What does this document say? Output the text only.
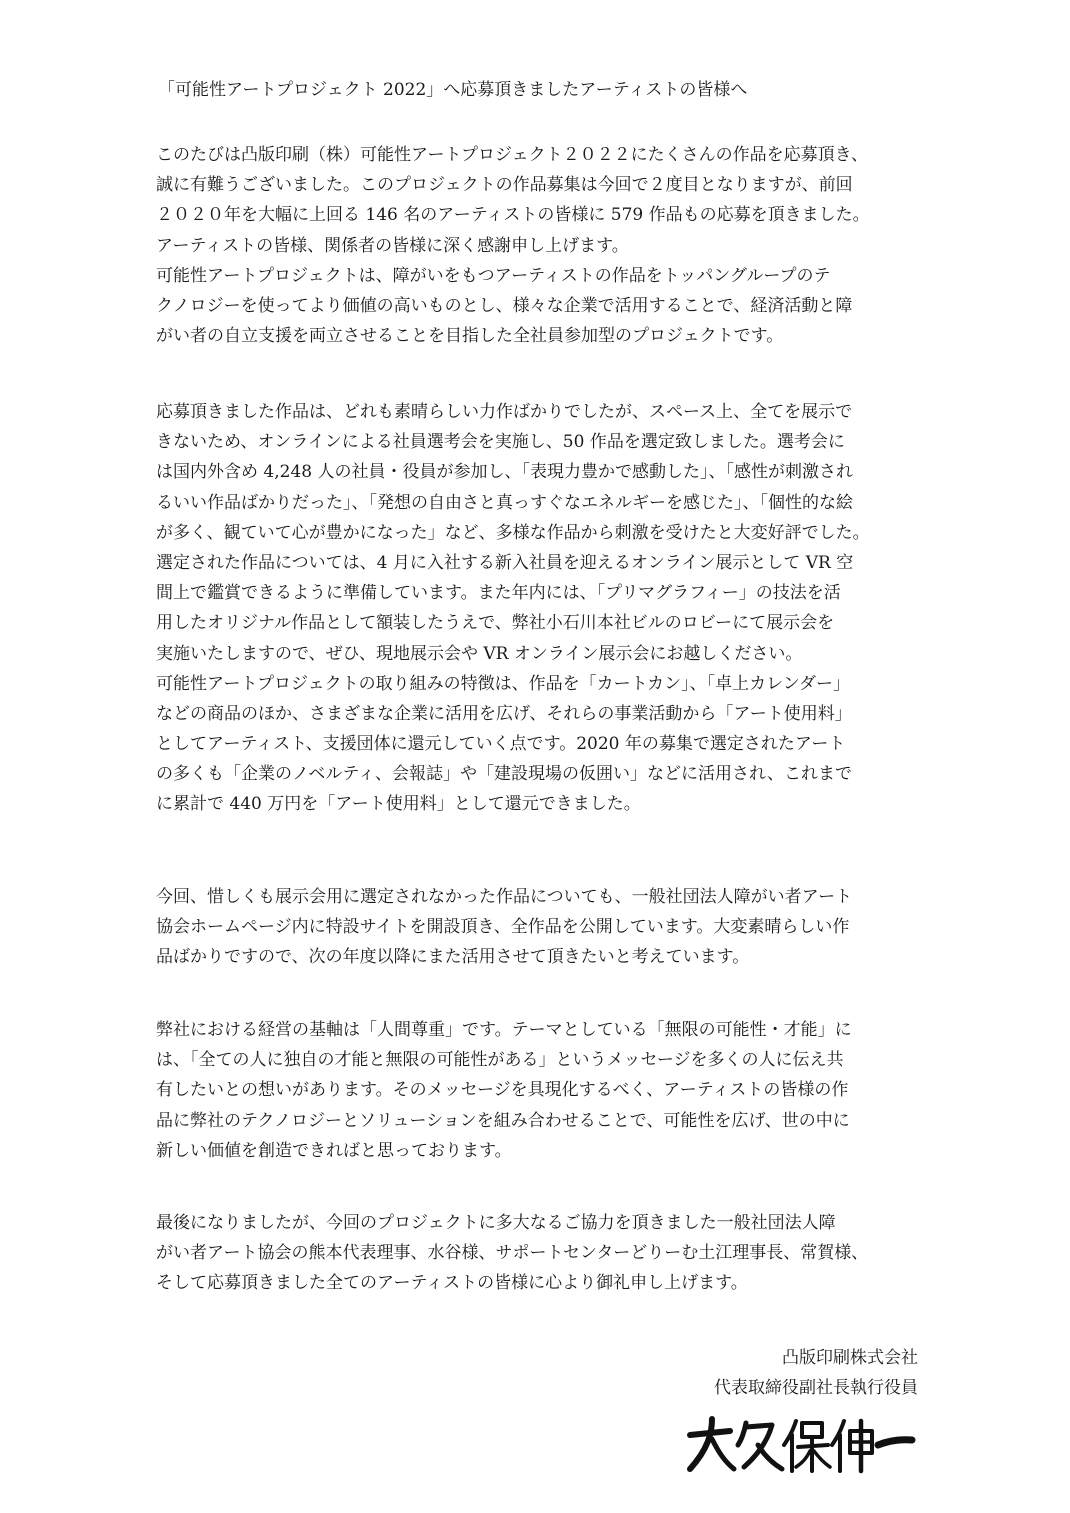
「可能性アートプロジェクト 2022」へ応募頂きましたアーティストの皆様へ
このたびは凸版印刷（株）可能性アートプロジェクト２０２２にたくさんの作品を応募頂き、
誠に有難うございました。このプロジェクトの作品募集は今回で２度目となりますが、前回
２０２０年を大幅に上回る 146 名のアーティストの皆様に 579 作品もの応募を頂きました。
アーティストの皆様、関係者の皆様に深く感謝申し上げます。
可能性アートプロジェクトは、障がいをもつアーティストの作品をトッパングループのテ
クノロジーを使ってより価値の高いものとし、様々な企業で活用することで、経済活動と障
がい者の自立支援を両立させることを目指した全社員参加型のプロジェクトです。
応募頂きました作品は、どれも素晴らしい力作ばかりでしたが、スペース上、全てを展示で
きないため、オンラインによる社員選考会を実施し、50 作品を選定致しました。選考会に
は国内外含め 4,248 人の社員・役員が参加し、「表現力豊かで感動した」、「感性が刺激され
るいい作品ばかりだった」、「発想の自由さと真っすぐなエネルギーを感じた」、「個性的な絵
が多く、観ていて心が豊かになった」など、多様な作品から刺激を受けたと大変好評でした。
選定された作品については、4 月に入社する新入社員を迎えるオンライン展示として VR 空
間上で鑑賞できるように準備しています。また年内には、「プリマグラフィー」の技法を活
用したオリジナル作品として額装したうえで、弊社小石川本社ビルのロビーにて展示会を
実施いたしますので、ぜひ、現地展示会や VR オンライン展示会にお越しください。
可能性アートプロジェクトの取り組みの特徴は、作品を「カートカン」、「卓上カレンダー」
などの商品のほか、さまざまな企業に活用を広げ、それらの事業活動から「アート使用料」
としてアーティスト、支援団体に還元していく点です。2020 年の募集で選定されたアート
の多くも「企業のノベルティ、会報誌」や「建設現場の仮囲い」などに活用され、これまで
に累計で 440 万円を「アート使用料」として還元できました。
今回、惜しくも展示会用に選定されなかった作品についても、一般社団法人障がい者アート
協会ホームページ内に特設サイトを開設頂き、全作品を公開しています。大変素晴らしい作
品ばかりですので、次の年度以降にまた活用させて頂きたいと考えています。
弊社における経営の基軸は「人間尊重」です。テーマとしている「無限の可能性・才能」に
は、「全ての人に独自の才能と無限の可能性がある」というメッセージを多くの人に伝え共
有したいとの想いがあります。そのメッセージを具現化するべく、アーティストの皆様の作
品に弊社のテクノロジーとソリューションを組み合わせることで、可能性を広げ、世の中に
新しい価値を創造できればと思っております。
最後になりましたが、今回のプロジェクトに多大なるご協力を頂きました一般社団法人障
がい者アート協会の熊本代表理事、水谷様、サポートセンターどりーむ土江理事長、常賀様、
そして応募頂きました全てのアーティストの皆様に心より御礼申し上げます。
凸版印刷株式会社
代表取締役副社長執行役員
